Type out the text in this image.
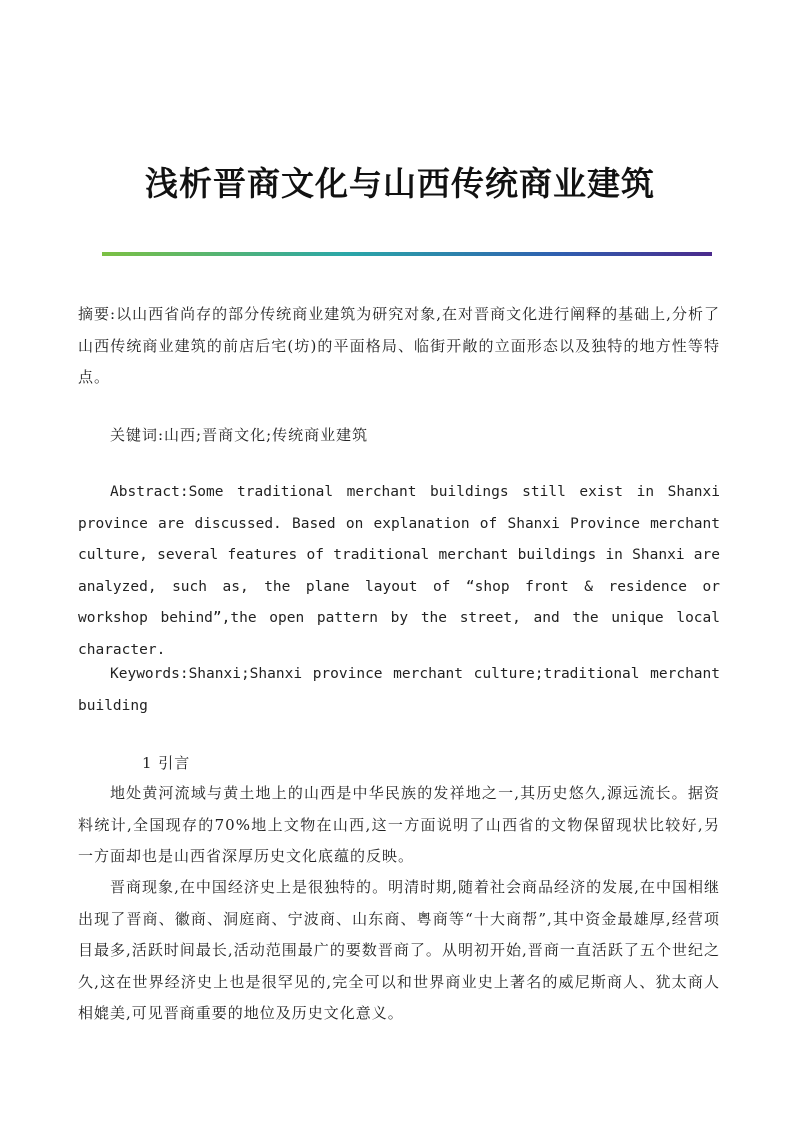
浅析晋商文化与山西传统商业建筑

摘要:以山西省尚存的部分传统商业建筑为研究对象,在对晋商文化进行阐释的基础上,分析了山西传统商业建筑的前店后宅(坊)的平面格局、临街开敞的立面形态以及独特的地方性等特点。

关键词:山西;晋商文化;传统商业建筑

Abstract:Some traditional merchant buildings still exist in Shanxi province are discussed. Based on explanation of Shanxi Province merchant culture, several features of traditional merchant buildings in Shanxi are analyzed, such as, the plane layout of “shop front & residence or workshop behind”,the open pattern by the street, and the unique local character.

Keywords:Shanxi;Shanxi province merchant culture;traditional merchant building

1 引言

地处黄河流域与黄土地上的山西是中华民族的发祥地之一,其历史悠久,源远流长。据资料统计,全国现存的70%地上文物在山西,这一方面说明了山西省的文物保留现状比较好,另一方面却也是山西省深厚历史文化底蕴的反映。

晋商现象,在中国经济史上是很独特的。明清时期,随着社会商品经济的发展,在中国相继出现了晋商、徽商、洞庭商、宁波商、山东商、粤商等“十大商帮”,其中资金最雄厚,经营项目最多,活跃时间最长,活动范围最广的要数晋商了。从明初开始,晋商一直活跃了五个世纪之久,这在世界经济史上也是很罕见的,完全可以和世界商业史上著名的威尼斯商人、犹太商人相媲美,可见晋商重要的地位及历史文化意义。
